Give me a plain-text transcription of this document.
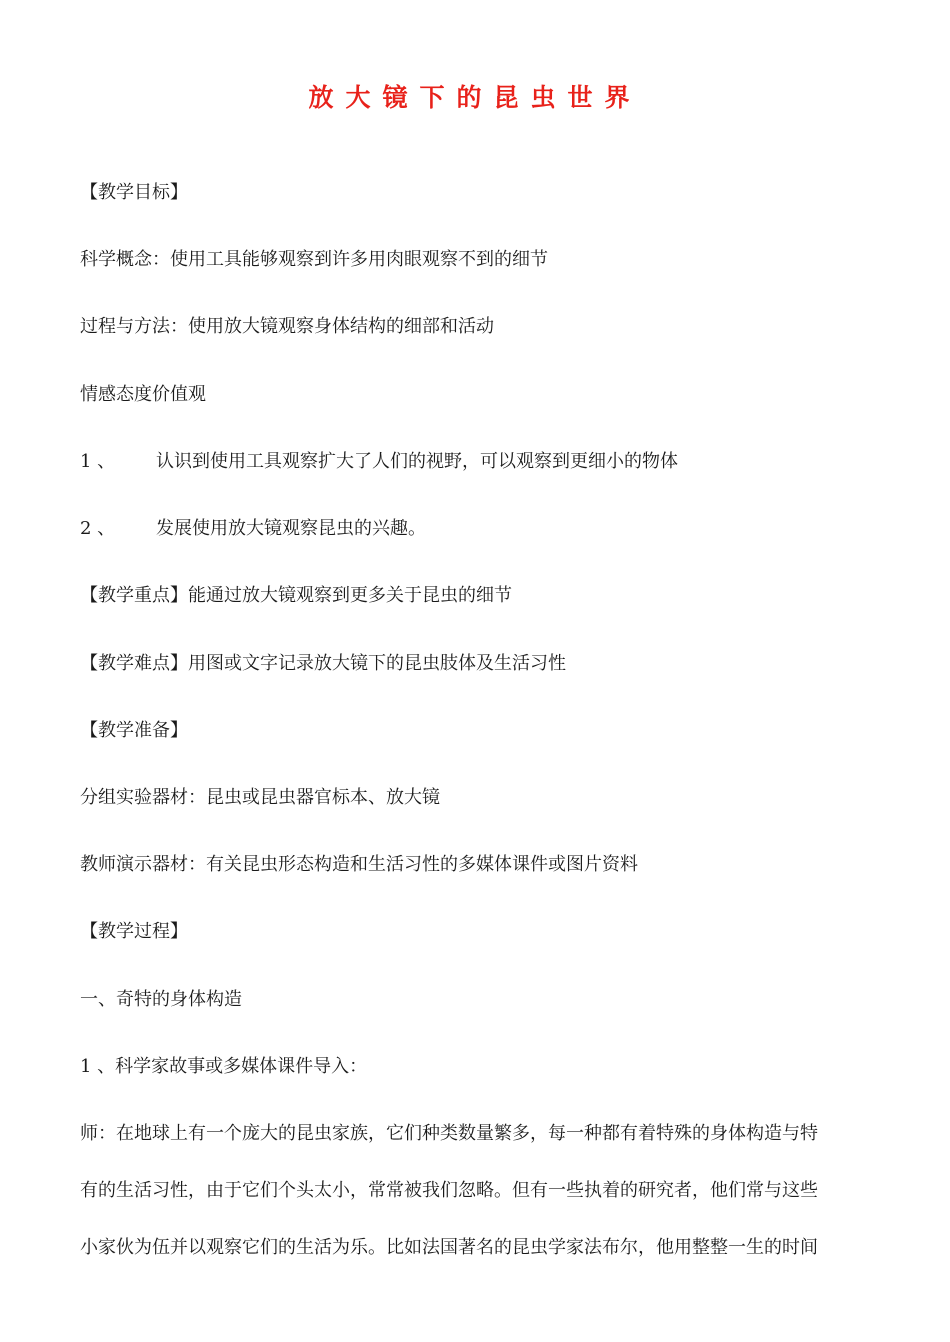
放大镜下的昆虫世界
【教学目标】
科学概念：使用工具能够观察到许多用肉眼观察不到的细节
过程与方法：使用放大镜观察身体结构的细部和活动
情感态度价值观
1 、 认识到使用工具观察扩大了人们的视野，可以观察到更细小的物体
2 、 发展使用放大镜观察昆虫的兴趣。
【教学重点】能通过放大镜观察到更多关于昆虫的细节
【教学难点】用图或文字记录放大镜下的昆虫肢体及生活习性
【教学准备】
分组实验器材：昆虫或昆虫器官标本、放大镜
教师演示器材：有关昆虫形态构造和生活习性的多媒体课件或图片资料
【教学过程】
一、奇特的身体构造
1 、科学家故事或多媒体课件导入：
师：在地球上有一个庞大的昆虫家族，它们种类数量繁多，每一种都有着特殊的身体构造与特
有的生活习性，由于它们个头太小，常常被我们忽略。但有一些执着的研究者，他们常与这些
小家伙为伍并以观察它们的生活为乐。比如法国著名的昆虫学家法布尔，他用整整一生的时间
